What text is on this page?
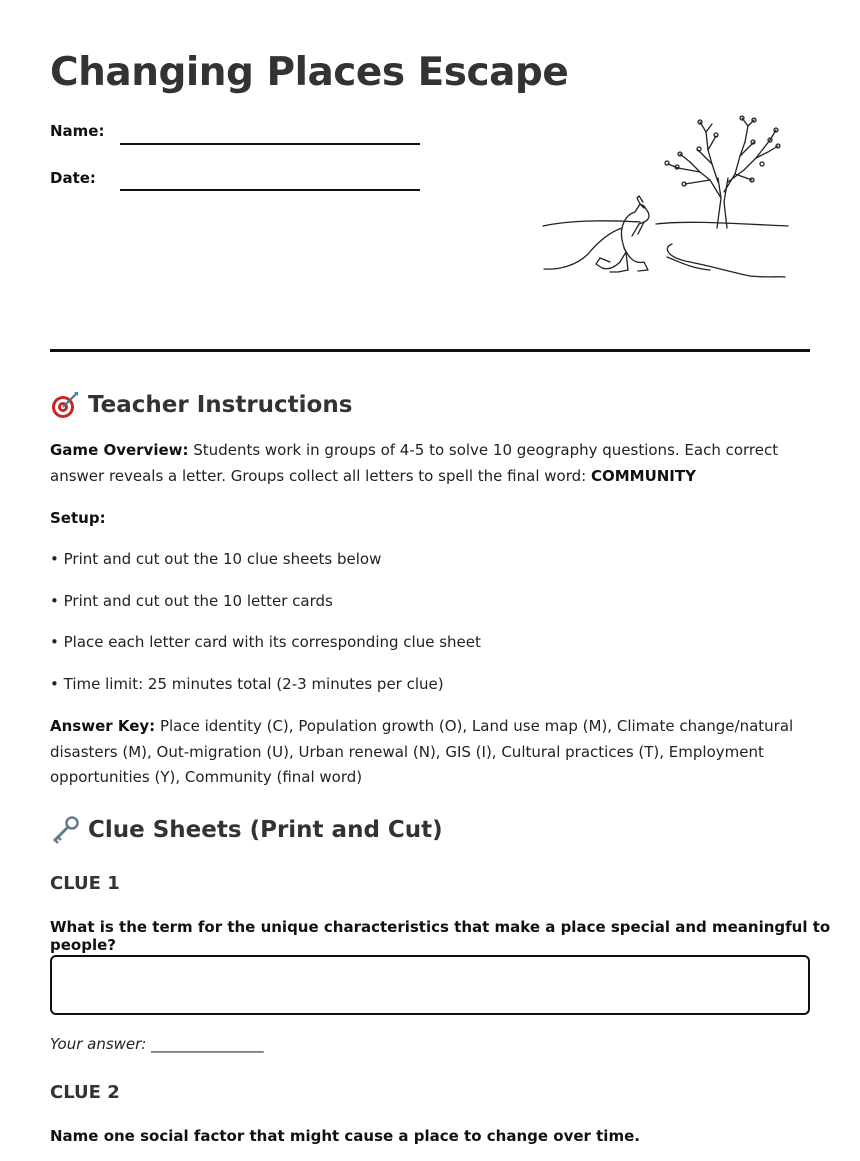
Changing Places Escape
Name:
Date:
Teacher Instructions
Game Overview: Students work in groups of 4-5 to solve 10 geography questions. Each correct answer reveals a letter. Groups collect all letters to spell the final word: COMMUNITY
Setup:
• Print and cut out the 10 clue sheets below
• Print and cut out the 10 letter cards
• Place each letter card with its corresponding clue sheet
• Time limit: 25 minutes total (2-3 minutes per clue)
Answer Key: Place identity (C), Population growth (O), Land use map (M), Climate change/natural disasters (M), Out-migration (U), Urban renewal (N), GIS (I), Cultural practices (T), Employment opportunities (Y), Community (final word)
Clue Sheets (Print and Cut)
CLUE 1
What is the term for the unique characteristics that make a place special and meaningful to people?
Your answer: _______________
CLUE 2
Name one social factor that might cause a place to change over time.
